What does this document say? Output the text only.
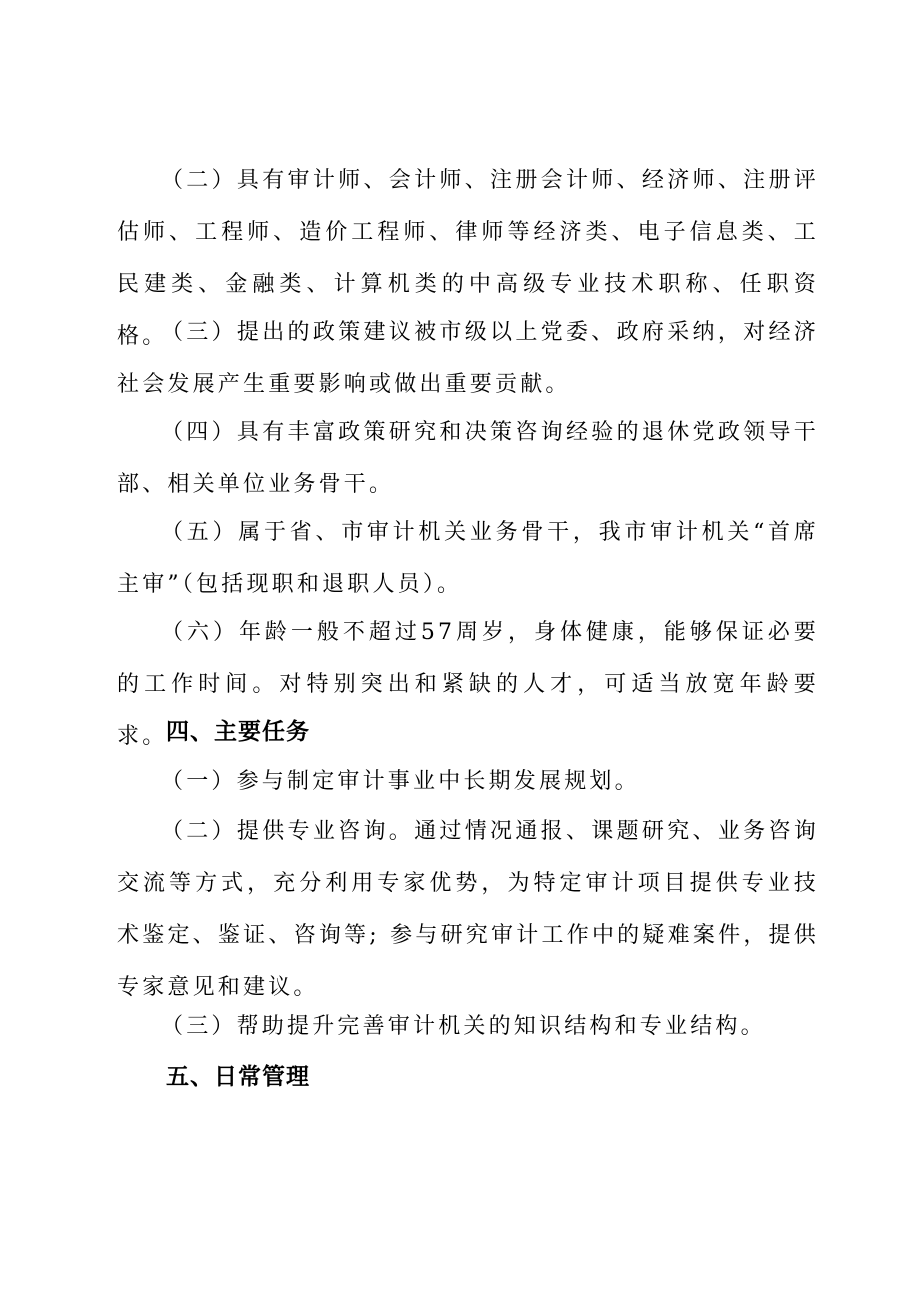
（二）具有审计师、会计师、注册会计师、经济师、注册评估师、工程师、造价工程师、律师等经济类、电子信息类、工民建类、金融类、计算机类的中高级专业技术职称、任职资格。

（三）提出的政策建议被市级以上党委、政府采纳，对经济社会发展产生重要影响或做出重要贡献。

（四）具有丰富政策研究和决策咨询经验的退休党政领导干部、相关单位业务骨干。

（五）属于省、市审计机关业务骨干，我市审计机关“首席主审”（包括现职和退职人员）。

（六）年龄一般不超过57周岁，身体健康，能够保证必要的工作时间。对特别突出和紧缺的人才，可适当放宽年龄要求。

四、主要任务

（一）参与制定审计事业中长期发展规划。

（二）提供专业咨询。通过情况通报、课题研究、业务咨询交流等方式，充分利用专家优势，为特定审计项目提供专业技术鉴定、鉴证、咨询等; 参与研究审计工作中的疑难案件，提供专家意见和建议。

（三）帮助提升完善审计机关的知识结构和专业结构。

五、日常管理
